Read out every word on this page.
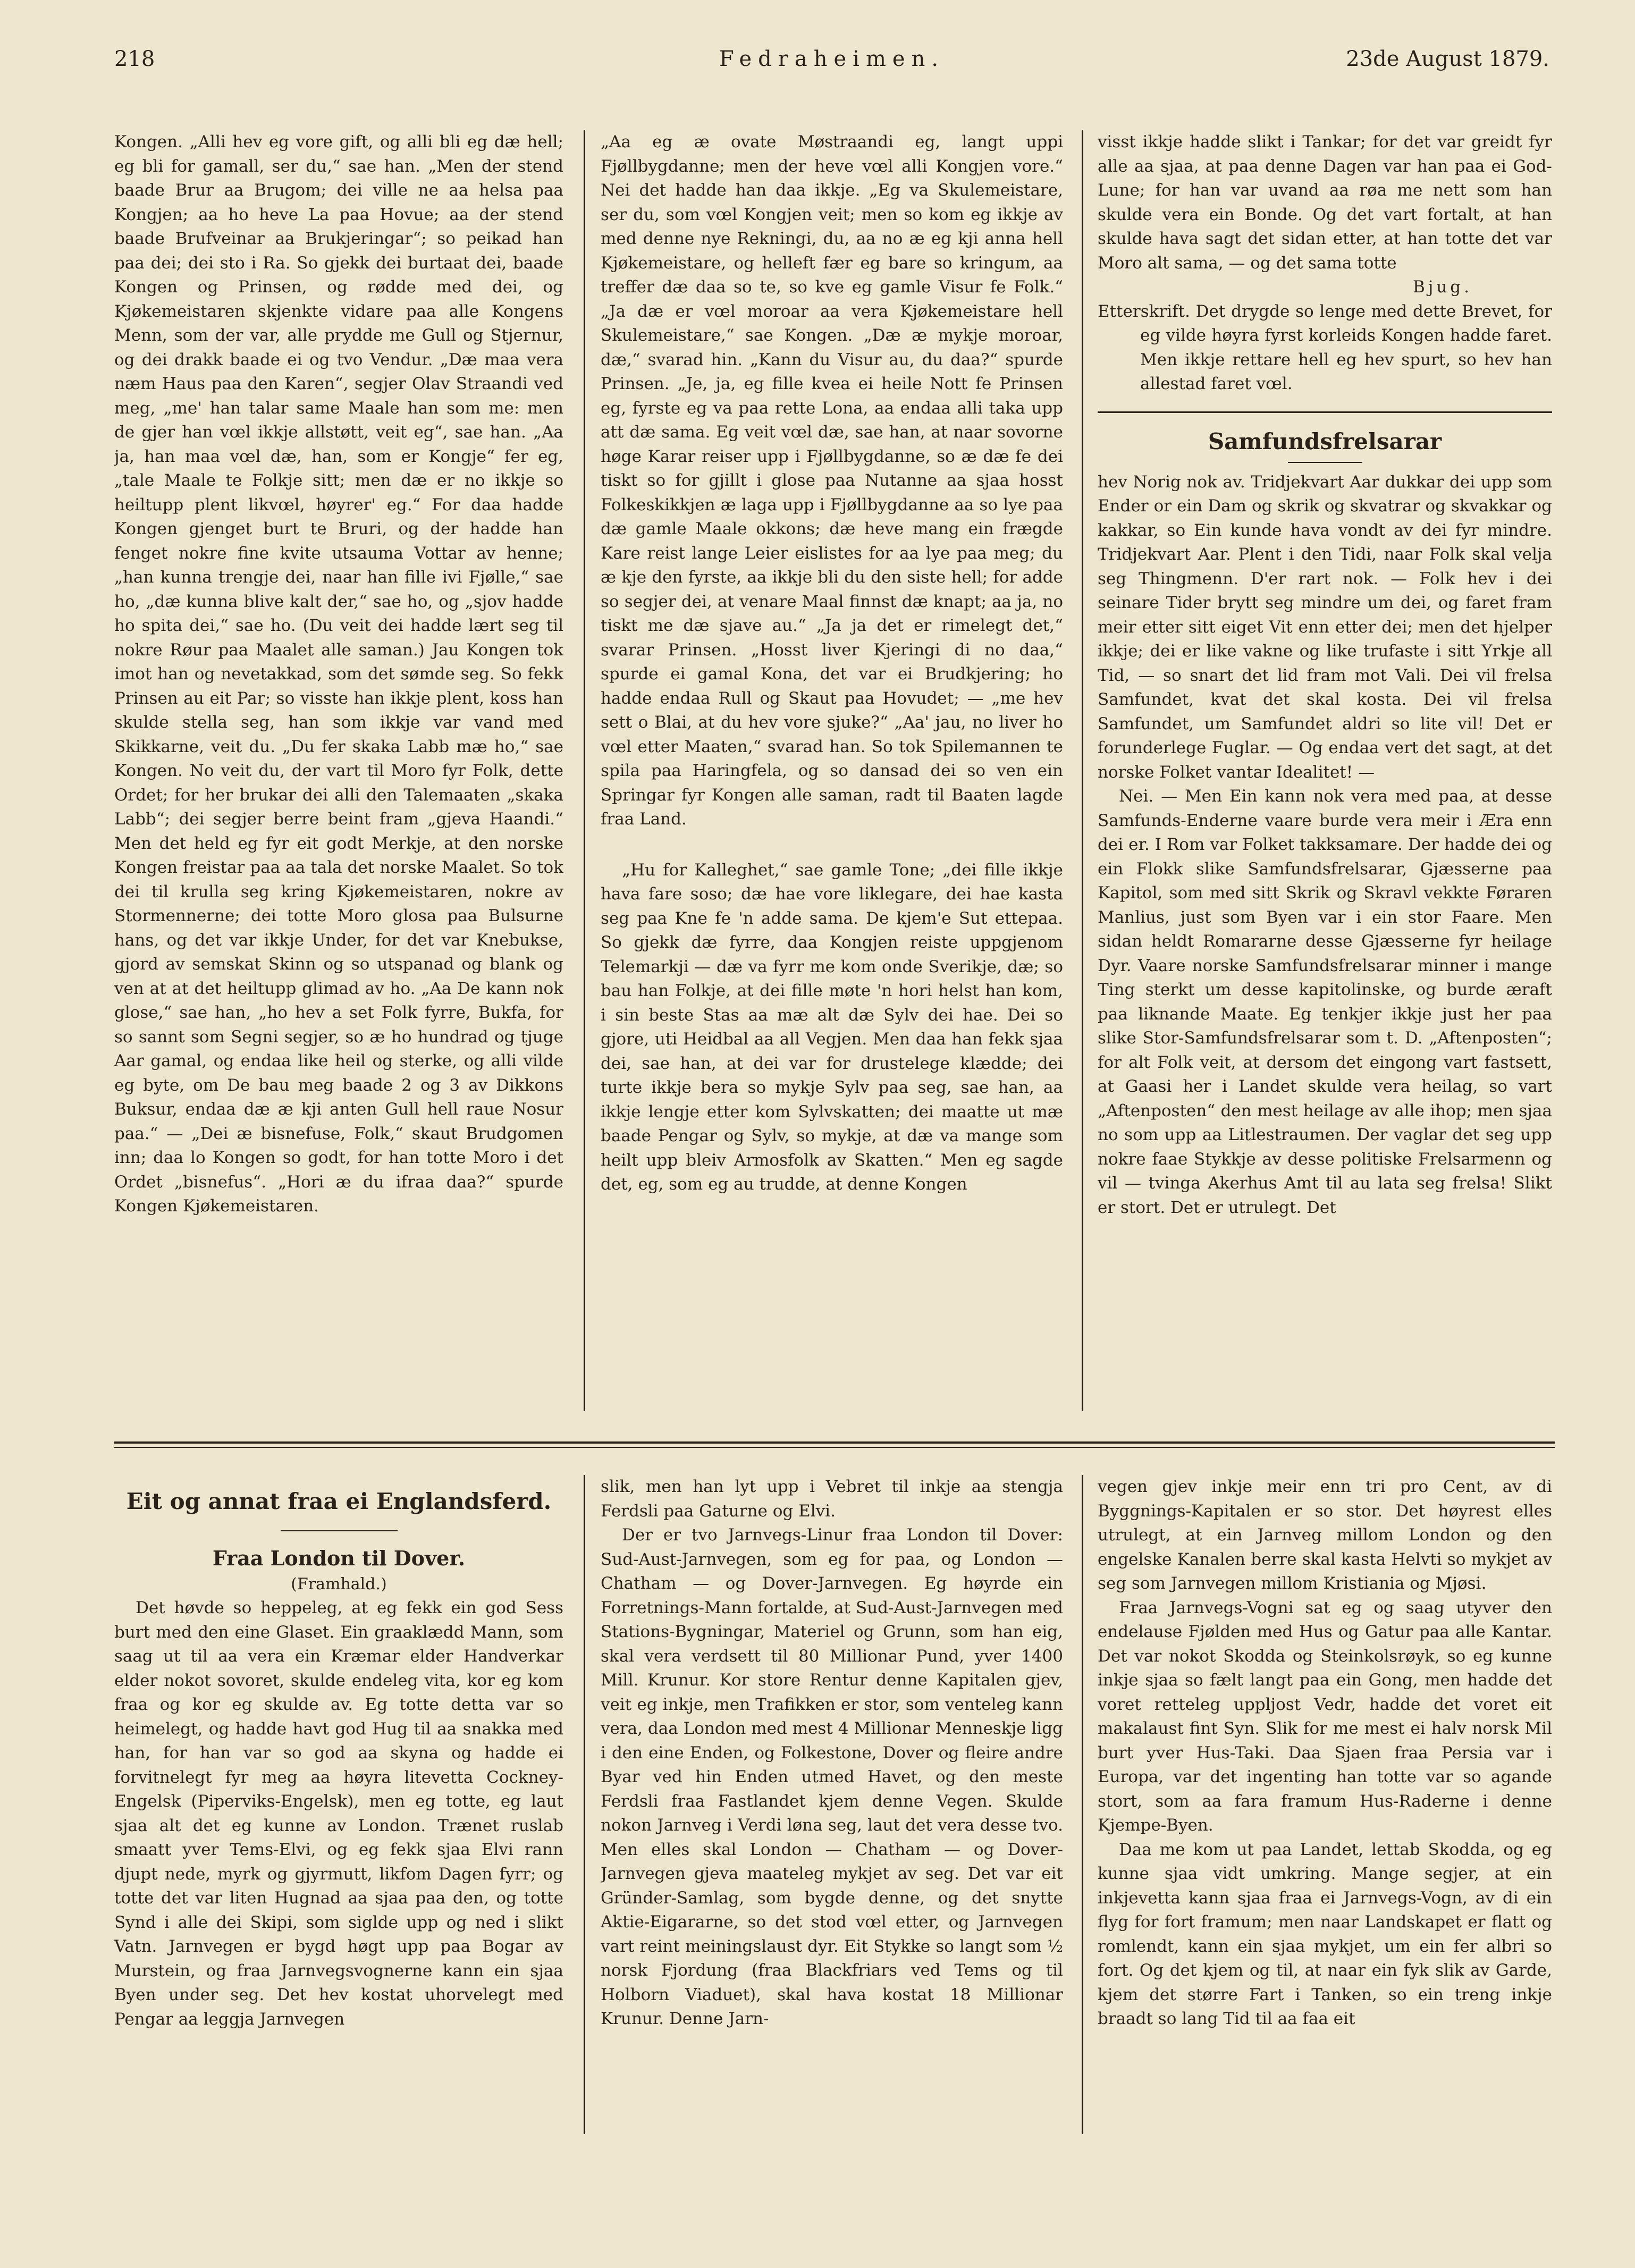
218	Fedraheimen.	23de August 1879.

Kongen. „Alli hev eg vore gift, og alli bli eg dæ hell; eg bli for gamall, ser du,“ sae han. „Men der stend baade Brur aa Brugom; dei ville ne aa helsa paa Kongjen; aa ho heve La paa Hovue; aa der stend baade Brufveinar aa Brukjeringar“; so peikad han paa dei; dei sto i Ra. So gjekk dei burtaat dei, baade Kongen og Prinsen, og rødde med dei, og Kjøkemeistaren skjenkte vidare paa alle Kongens Menn, som der var, alle prydde me Gull og Stjernur, og dei drakk baade ei og tvo Vendur. „Dæ maa vera næm Haus paa den Karen“, segjer Olav Straandi ved meg, „me' han talar same Maale han som me: men de gjer han vœl ikkje allstøtt, veit eg“, sae han. „Aa ja, han maa vœl dæ, han, som er Kongje“ fer eg, „tale Maale te Folkje sitt; men dæ er no ikkje so heiltupp plent likvœl, høyrer' eg.“ For daa hadde Kongen gjenget burt te Bruri, og der hadde han fenget nokre fine kvite utsauma Vottar av henne; „han kunna trengje dei, naar han fille ivi Fjølle,“ sae ho, „dæ kunna blive kalt der,“ sae ho, og „sjov hadde ho spita dei,“ sae ho. (Du veit dei hadde lært seg til nokre Røur paa Maalet alle saman.) Jau Kongen tok imot han og nevetakkad, som det sømde seg. So fekk Prinsen au eit Par; so visste han ikkje plent, koss han skulde stella seg, han som ikkje var vand med Skikkarne, veit du. „Du fer skaka Labb mæ ho,“ sae Kongen. No veit du, der vart til Moro fyr Folk, dette Ordet; for her brukar dei alli den Talemaaten „skaka Labb“; dei segjer berre beint fram „gjeva Haandi.“ Men det held eg fyr eit godt Merkje, at den norske Kongen freistar paa aa tala det norske Maalet. So tok dei til krulla seg kring Kjøkemeistaren, nokre av Stormennerne; dei totte Moro glosa paa Bulsurne hans, og det var ikkje Under, for det var Knebukse, gjord av semskat Skinn og so utspanad og blank og ven at at det heiltupp glimad av ho. „Aa De kann nok glose,“ sae han, „ho hev a set Folk fyrre, Bukfa, for so sannt som Segni segjer, so æ ho hundrad og tjuge Aar gamal, og endaa like heil og sterke, og alli vilde eg byte, om De bau meg baade 2 og 3 av Dikkons Buksur, endaa dæ æ kji anten Gull hell raue Nosur paa.“ — „Dei æ bisnefuse, Folk,“ skaut Brudgomen inn; daa lo Kongen so godt, for han totte Moro i det Ordet „bisnefus“. „Hori æ du ifraa daa?“ spurde Kongen Kjøkemeistaren.

„Aa eg æ ovate Møstraandi eg, langt uppi Fjøllbygdanne; men der heve vœl alli Kongjen vore.“ Nei det hadde han daa ikkje. „Eg va Skulemeistare, ser du, som vœl Kongjen veit; men so kom eg ikkje av med denne nye Rekningi, du, aa no æ eg kji anna hell Kjøkemeistare, og helleft fær eg bare so kringum, aa treffer dæ daa so te, so kve eg gamle Visur fe Folk.“ „Ja dæ er vœl moroar aa vera Kjøkemeistare hell Skulemeistare,“ sae Kongen. „Dæ æ mykje moroar, dæ,“ svarad hin. „Kann du Visur au, du daa?“ spurde Prinsen. „Je, ja, eg fille kvea ei heile Nott fe Prinsen eg, fyrste eg va paa rette Lona, aa endaa alli taka upp att dæ sama. Eg veit vœl dæ, sae han, at naar sovorne høge Karar reiser upp i Fjøllbygdanne, so æ dæ fe dei tiskt so for gjillt i glose paa Nutanne aa sjaa hosst Folkeskikkjen æ laga upp i Fjøllbygdanne aa so lye paa dæ gamle Maale okkons; dæ heve mang ein frægde Kare reist lange Leier eislistes for aa lye paa meg; du æ kje den fyrste, aa ikkje bli du den siste hell; for adde so segjer dei, at venare Maal finnst dæ knapt; aa ja, no tiskt me dæ sjave au.“ „Ja ja det er rimelegt det,“ svarar Prinsen. „Hosst liver Kjeringi di no daa,“ spurde ei gamal Kona, det var ei Brudkjering; ho hadde endaa Rull og Skaut paa Hovudet; — „me hev sett o Blai, at du hev vore sjuke?“ „Aa' jau, no liver ho vœl etter Maaten,“ svarad han. So tok Spilemannen te spila paa Haringfela, og so dansad dei so ven ein Springar fyr Kongen alle saman, radt til Baaten lagde fraa Land.

„Hu for Kalleghet,“ sae gamle Tone; „dei fille ikkje hava fare soso; dæ hae vore liklegare, dei hae kasta seg paa Kne fe 'n adde sama. De kjem'e Sut ettepaa. So gjekk dæ fyrre, daa Kongjen reiste uppgjenom Telemarkji — dæ va fyrr me kom onde Sverikje, dæ; so bau han Folkje, at dei fille møte 'n hori helst han kom, i sin beste Stas aa mæ alt dæ Sylv dei hae. Dei so gjore, uti Heidbal aa all Vegjen. Men daa han fekk sjaa dei, sae han, at dei var for drustelege klædde; dei turte ikkje bera so mykje Sylv paa seg, sae han, aa ikkje lengje etter kom Sylvskatten; dei maatte ut mæ baade Pengar og Sylv, so mykje, at dæ va mange som heilt upp bleiv Armosfolk av Skatten.“ Men eg sagde det, eg, som eg au trudde, at denne Kongen

visst ikkje hadde slikt i Tankar; for det var greidt fyr alle aa sjaa, at paa denne Dagen var han paa ei God-Lune; for han var uvand aa røa me nett som han skulde vera ein Bonde. Og det vart fortalt, at han skulde hava sagt det sidan etter, at han totte det var Moro alt sama, — og det sama totte

Bjug.

Etterskrift. Det drygde so lenge med dette Brevet, for eg vilde høyra fyrst korleids Kongen hadde faret. Men ikkje rettare hell eg hev spurt, so hev han allestad faret vœl.

Samfundsfrelsarar

hev Norig nok av. Tridjekvart Aar dukkar dei upp som Ender or ein Dam og skrik og skvatrar og skvakkar og kakkar, so Ein kunde hava vondt av dei fyr mindre. Tridjekvart Aar. Plent i den Tidi, naar Folk skal velja seg Thingmenn. D'er rart nok. — Folk hev i dei seinare Tider brytt seg mindre um dei, og faret fram meir etter sitt eiget Vit enn etter dei; men det hjelper ikkje; dei er like vakne og like trufaste i sitt Yrkje all Tid, — so snart det lid fram mot Vali. Dei vil frelsa Samfundet, kvat det skal kosta. Dei vil frelsa Samfundet, um Samfundet aldri so lite vil! Det er forunderlege Fuglar. — Og endaa vert det sagt, at det norske Folket vantar Idealitet! —

Nei. — Men Ein kann nok vera med paa, at desse Samfunds-Enderne vaare burde vera meir i Æra enn dei er. I Rom var Folket takksamare. Der hadde dei og ein Flokk slike Samfundsfrelsarar, Gjæsserne paa Kapitol, som med sitt Skrik og Skravl vekkte Føraren Manlius, just som Byen var i ein stor Faare. Men sidan heldt Romararne desse Gjæsserne fyr heilage Dyr. Vaare norske Samfundsfrelsarar minner i mange Ting sterkt um desse kapitolinske, og burde æraft paa liknande Maate. Eg tenkjer ikkje just her paa slike Stor-Samfundsfrelsarar som t. D. „Aftenposten“; for alt Folk veit, at dersom det eingong vart fastsett, at Gaasi her i Landet skulde vera heilag, so vart „Aftenposten“ den mest heilage av alle ihop; men sjaa no som upp aa Litlestraumen. Der vaglar det seg upp nokre faae Stykkje av desse politiske Frelsarmenn og vil — tvinga Akerhus Amt til au lata seg frelsa! Slikt er stort. Det er utrulegt. Det

Eit og annat fraa ei Englandsferd.
Fraa London til Dover.

(Framhald.)

Det høvde so heppeleg, at eg fekk ein god Sess burt med den eine Glaset. Ein graaklædd Mann, som saag ut til aa vera ein Kræmar elder Handverkar elder nokot sovoret, skulde endeleg vita, kor eg kom fraa og kor eg skulde av. Eg totte detta var so heimelegt, og hadde havt god Hug til aa snakka med han, for han var so god aa skyna og hadde ei forvitnelegt fyr meg aa høyra litevetta Cockney-Engelsk (Piperviks-Engelsk), men eg totte, eg laut sjaa alt det eg kunne av London. Trænet ruslab smaatt yver Tems-Elvi, og eg fekk sjaa Elvi rann djupt nede, myrk og gjyrmutt, likfom Dagen fyrr; og totte det var liten Hugnad aa sjaa paa den, og totte Synd i alle dei Skipi, som siglde upp og ned i slikt Vatn. Jarnvegen er bygd høgt upp paa Bogar av Murstein, og fraa Jarnvegsvognerne kann ein sjaa Byen under seg. Det hev kostat uhorvelegt med Pengar aa leggja Jarnvegen

slik, men han lyt upp i Vebret til inkje aa stengja Ferdsli paa Gaturne og Elvi.

Der er tvo Jarnvegs-Linur fraa London til Dover: Sud-Aust-Jarnvegen, som eg for paa, og London — Chatham — og Dover-Jarnvegen. Eg høyrde ein Forretnings-Mann fortalde, at Sud-Aust-Jarnvegen med Stations-Bygningar, Materiel og Grunn, som han eig, skal vera verdsett til 80 Millionar Pund, yver 1400 Mill. Krunur. Kor store Rentur denne Kapitalen gjev, veit eg inkje, men Trafikken er stor, som venteleg kann vera, daa London med mest 4 Millionar Menneskje ligg i den eine Enden, og Folkestone, Dover og fleire andre Byar ved hin Enden utmed Havet, og den meste Ferdsli fraa Fastlandet kjem denne Vegen. Skulde nokon Jarnveg i Verdi løna seg, laut det vera desse tvo. Men elles skal London — Chatham — og Dover-Jarnvegen gjeva maateleg mykjet av seg. Det var eit Gründer-Samlag, som bygde denne, og det snytte Aktie-Eigararne, so det stod vœl etter, og Jarnvegen vart reint meiningslaust dyr. Eit Stykke so langt som ½ norsk Fjordung (fraa Blackfriars ved Tems og til Holborn Viaduet), skal hava kostat 18 Millionar Krunur. Denne Jarn-

vegen gjev inkje meir enn tri pro Cent, av di Byggnings-Kapitalen er so stor. Det høyrest elles utrulegt, at ein Jarnveg millom London og den engelske Kanalen berre skal kasta Helvti so mykjet av seg som Jarnvegen millom Kristiania og Mjøsi.

Fraa Jarnvegs-Vogni sat eg og saag utyver den endelause Fjølden med Hus og Gatur paa alle Kantar. Det var nokot Skodda og Steinkolsrøyk, so eg kunne inkje sjaa so fælt langt paa ein Gong, men hadde det voret retteleg uppljost Vedr, hadde det voret eit makalaust fint Syn. Slik for me mest ei halv norsk Mil burt yver Hus-Taki. Daa Sjaen fraa Persia var i Europa, var det ingenting han totte var so agande stort, som aa fara framum Hus-Raderne i denne Kjempe-Byen.

Daa me kom ut paa Landet, lettab Skodda, og eg kunne sjaa vidt umkring. Mange segjer, at ein inkjevetta kann sjaa fraa ei Jarnvegs-Vogn, av di ein flyg for fort framum; men naar Landskapet er flatt og romlendt, kann ein sjaa mykjet, um ein fer albri so fort. Og det kjem og til, at naar ein fyk slik av Garde, kjem det større Fart i Tanken, so ein treng inkje braadt so lang Tid til aa faa eit
